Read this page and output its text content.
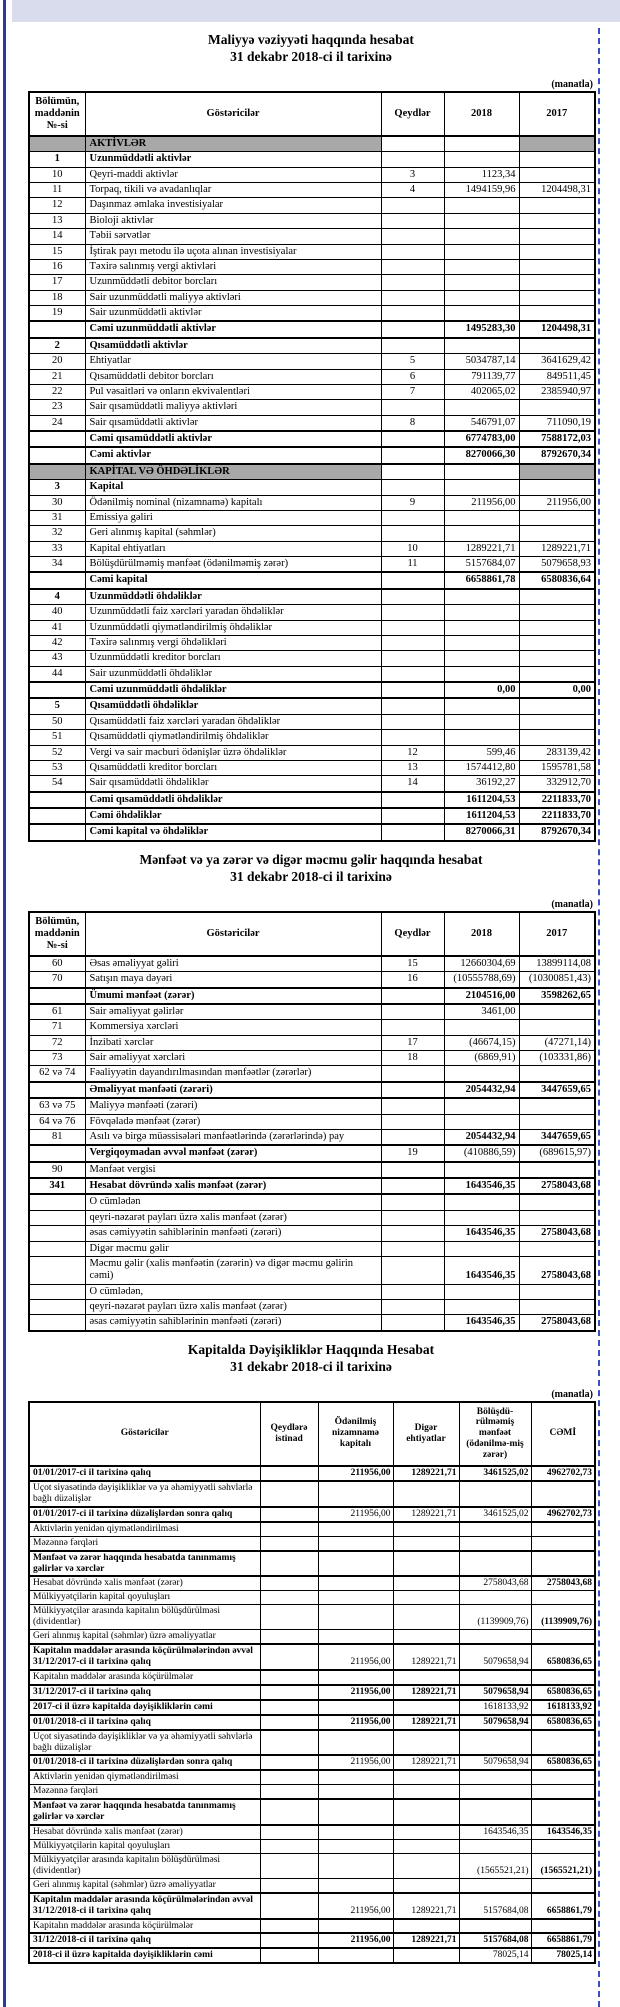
Maliyyə vəziyyəti haqqında hesabat
31 dekabr 2018-ci il tarixinə
(manatla)
Bölümün, maddənin №-si	Göstəricilər	Qeydlər	2018	2017
	AKTİVLƏR			
1	Uzunmüddətli aktivlər			
10	Qeyri-maddi aktivlər	3	1123,34	
11	Torpaq, tikili və avadanlıqlar	4	1494159,96	1204498,31
12	Daşınmaz əmlaka investisiyalar			
13	Bioloji aktivlər			
14	Təbii sərvətlər			
15	İştirak payı metodu ilə uçota alınan investisiyalar			
16	Təxirə salınmış vergi aktivləri			
17	Uzunmüddətli debitor borcları			
18	Sair uzunmüddətli maliyyə aktivləri			
19	Sair uzunmüddətli aktivlər			
	Cəmi uzunmüddətli aktivlər		1495283,30	1204498,31
2	Qısamüddətli aktivlər			
20	Ehtiyatlar	5	5034787,14	3641629,42
21	Qısamüddətli debitor borcları	6	791139,77	849511,45
22	Pul vəsaitləri və onların ekvivalentləri	7	402065,02	2385940,97
23	Sair qısamüddətli maliyyə aktivləri			
24	Sair qısamüddətli aktivlər	8	546791,07	711090,19
	Cəmi qısamüddətli aktivlər		6774783,00	7588172,03
	Cəmi aktivlər		8270066,30	8792670,34
	KAPİTAL VƏ ÖHDƏLİKLƏR			
3	Kapital			
30	Ödənilmiş nominal (nizamnamə) kapitalı	9	211956,00	211956,00
31	Emissiya gəliri			
32	Geri alınmış kapital (səhmlər)			
33	Kapital ehtiyatları	10	1289221,71	1289221,71
34	Bölüşdürülməmiş mənfəət (ödənilməmiş zərər)	11	5157684,07	5079658,93
	Cəmi kapital		6658861,78	6580836,64
4	Uzunmüddətli öhdəliklər			
40	Uzunmüddətli faiz xərcləri yaradan öhdəliklər			
41	Uzunmüddətli qiymətləndirilmiş öhdəliklər			
42	Təxirə salınmış vergi öhdəlikləri			
43	Uzunmüddətli kreditor borcları			
44	Sair uzunmüddətli öhdəliklər			
	Cəmi uzunmüddətli öhdəliklər		0,00	0,00
5	Qısamüddətli öhdəliklər			
50	Qısamüddətli faiz xərcləri yaradan öhdəliklər			
51	Qısamüddətli qiymətləndirilmiş öhdəliklər			
52	Vergi və sair məcburi ödənişlər üzrə öhdəliklər	12	599,46	283139,42
53	Qısamüddətli kreditor borcları	13	1574412,80	1595781,58
54	Sair qısamüddətli öhdəliklər	14	36192,27	332912,70
	Cəmi qısamüddətli öhdəliklər		1611204,53	2211833,70
	Cəmi öhdəliklər		1611204,53	2211833,70
	Cəmi kapital və öhdəliklər		8270066,31	8792670,34
Mənfəət və ya zərər və digər məcmu gəlir haqqında hesabat
31 dekabr 2018-ci il tarixinə
(manatla)
Bölümün, maddənin №-si	Göstəricilər	Qeydlər	2018	2017
60	Əsas əməliyyat gəliri	15	12660304,69	13899114,08
70	Satışın maya dəyəri	16	(10555788,69)	(10300851,43)
	Ümumi mənfəət (zərər)		2104516,00	3598262,65
61	Sair əməliyyat gəlirlər		3461,00	
71	Kommersiya xərcləri			
72	İnzibati xərclər	17	(46674,15)	(47271,14)
73	Sair əməliyyat xərcləri	18	(6869,91)	(103331,86)
62 və 74	Fəaliyyətin dayandırılmasından mənfəətlər (zərərlər)			
	Əməliyyat mənfəəti (zərəri)		2054432,94	3447659,65
63 və 75	Maliyyə mənfəəti (zərəri)			
64 və 76	Fövqəladə mənfəət (zərər)			
81	Asılı və birgə müəssisələri mənfəətlərində (zərərlərində) pay		2054432,94	3447659,65
	Vergiqoymadan əvvəl mənfəət (zərər)	19	(410886,59)	(689615,97)
90	Mənfəət vergisi			
341	Hesabat dövründə xalis mənfəət (zərər)		1643546,35	2758043,68
	O cümlədən			
	qeyri-nəzarət payları üzrə xalis mənfəət (zərər)			
	əsas cəmiyyətin sahiblərinin mənfəəti (zərəri)		1643546,35	2758043,68
	Digər məcmu gəlir			
	Məcmu gəlir (xalis mənfəətin (zərərin) və digər məcmu gəlirin cəmi)		1643546,35	2758043,68
	O cümlədən,			
	qeyri-nəzarət payları üzrə xalis mənfəət (zərər)			
	əsas cəmiyyətin sahiblərinin mənfəəti (zərəri)		1643546,35	2758043,68
Kapitalda Dəyişikliklər Haqqında Hesabat
31 dekabr 2018-ci il tarixinə
(manatla)
Göstəricilər	Qeydlərə istinad	Ödənilmiş nizamnamə kapitalı	Digər ehtiyatlar	Bölüşdü-rülməmiş mənfəət (ödənilmə-miş zərər)	CƏMİ
01/01/2017-ci il tarixinə qalıq		211956,00	1289221,71	3461525,02	4962702,73
Uçot siyasətində dəyişikliklər və ya əhəmiyyətli səhvlərlə bağlı düzəlişlər					
01/01/2017-ci il tarixinə düzəlişlərdən sonra qalıq		211956,00	1289221,71	3461525,02	4962702,73
Aktivlərin yenidən qiymətləndirilməsi					
Məzənnə fərqləri					
Mənfəət və zərər haqqında hesabatda tanınmamış gəlirlər və xərclər					
Hesabat dövründə xalis mənfəət (zərər)				2758043,68	2758043,68
Mülkiyyətçilərin kapital qoyuluşları					
Mülkiyyətçilər arasında kapitalın bölüşdürülməsi (dividentlər)				(1139909,76)	(1139909,76)
Geri alınmış kapital (səhmlər) üzrə əməliyyatlar					
Kapitalın maddələr arasında köçürülmələrindən əvvəl 31/12/2017-ci il tarixinə qalıq		211956,00	1289221,71	5079658,94	6580836,65
Kapitalın maddələr arasında köçürülmələr					
31/12/2017-ci il tarixinə qalıq		211956,00	1289221,71	5079658,94	6580836,65
2017-ci il üzrə kapitalda dəyişikliklərin cəmi				1618133,92	1618133,92
01/01/2018-ci il tarixinə qalıq		211956,00	1289221,71	5079658,94	6580836,65
Uçot siyasətində dəyişikliklər və ya əhəmiyyətli səhvlərlə bağlı düzəlişlər					
01/01/2018-ci il tarixinə düzəlişlərdən sonra qalıq		211956,00	1289221,71	5079658,94	6580836,65
Aktivlərin yenidən qiymətləndirilməsi					
Məzənnə fərqləri					
Mənfəət və zərər haqqında hesabatda tanınmamış gəlirlər və xərclər					
Hesabat dövründə xalis mənfəət (zərər)				1643546,35	1643546,35
Mülkiyyətçilərin kapital qoyuluşları					
Mülkiyyətçilər arasında kapitalın bölüşdürülməsi (dividentlər)				(1565521,21)	(1565521,21)
Geri alınmış kapital (səhmlər) üzrə əməliyyatlar					
Kapitalın maddələr arasında köçürülmələrindən əvvəl 31/12/2018-ci il tarixinə qalıq		211956,00	1289221,71	5157684,08	6658861,79
Kapitalın maddələr arasında köçürülmələr					
31/12/2018-ci il tarixinə qalıq		211956,00	1289221,71	5157684,08	6658861,79
2018-ci il üzrə kapitalda dəyişikliklərin cəmi				78025,14	78025,14
